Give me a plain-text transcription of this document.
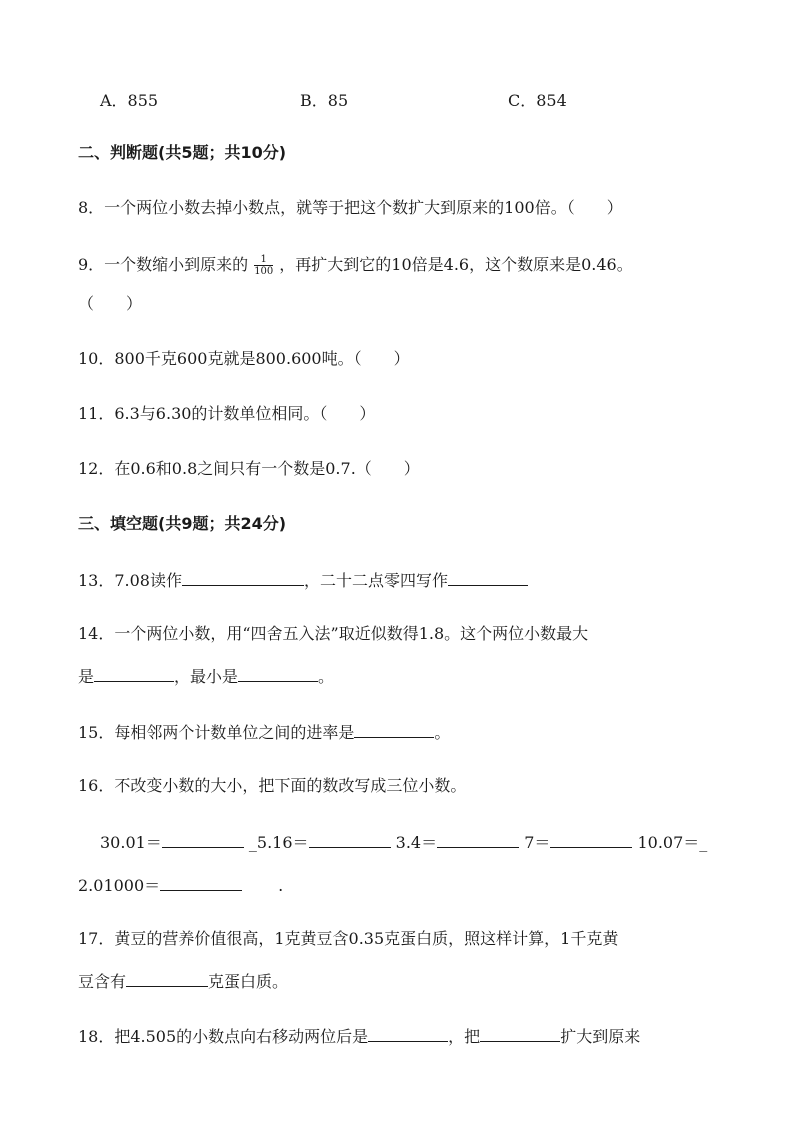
A．855	B．85	C．854
二、判断题(共5题；共10分)
8．一个两位小数去掉小数点，就等于把这个数扩大到原来的100倍。（　　）
9．一个数缩小到原来的 $\frac{1}{100}$ ，再扩大到它的10倍是4.6，这个数原来是0.46。
（　　）
10．800千克600克就是800.600吨。（　　）
11．6.3与6.30的计数单位相同。（　　）
12．在0.6和0.8之间只有一个数是0.7.（　　）
三、填空题(共9题；共24分)
13．7.08读作	，二十二点零四写作
14．一个两位小数，用“四舍五入法”取近似数得1.8。这个两位小数最大
是	，最小是	。
15．每相邻两个计数单位之间的进率是	。
16．不改变小数的大小，把下面的数改写成三位小数。
30.01＝	_5.16＝	3.4＝	7＝	10.07＝_
2.01000＝	.
17．黄豆的营养价值很高，1克黄豆含0.35克蛋白质，照这样计算，1千克黄
豆含有	克蛋白质。
18．把4.505的小数点向右移动两位后是	，把	扩大到原来
